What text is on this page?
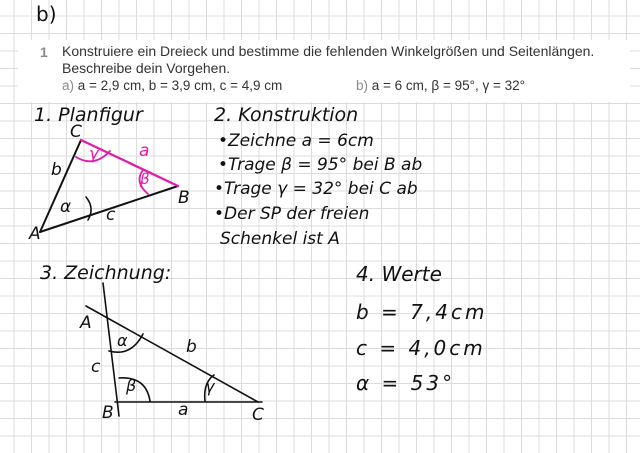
b)
1 Konstruiere ein Dreieck und bestimme die fehlenden Winkelgrößen und Seitenlängen.
Beschreibe dein Vorgehen.
a) a = 2,9 cm, b = 3,9 cm, c = 4,9 cm	b) a = 6 cm, β = 95°, γ = 32°
1. Planfigur
A
B
C
a
b
c
α
β
γ
2. Konstruktion
•Zeichne a = 6cm
•Trage β = 95° bei B ab
•Trage γ = 32° bei C ab
•Der SP der freien
Schenkel ist A
3. Zeichnung:
A
B	C
a
b
c
α
β	γ
4. Werte
b = 7,4cm
c = 4,0cm
α = 53°
